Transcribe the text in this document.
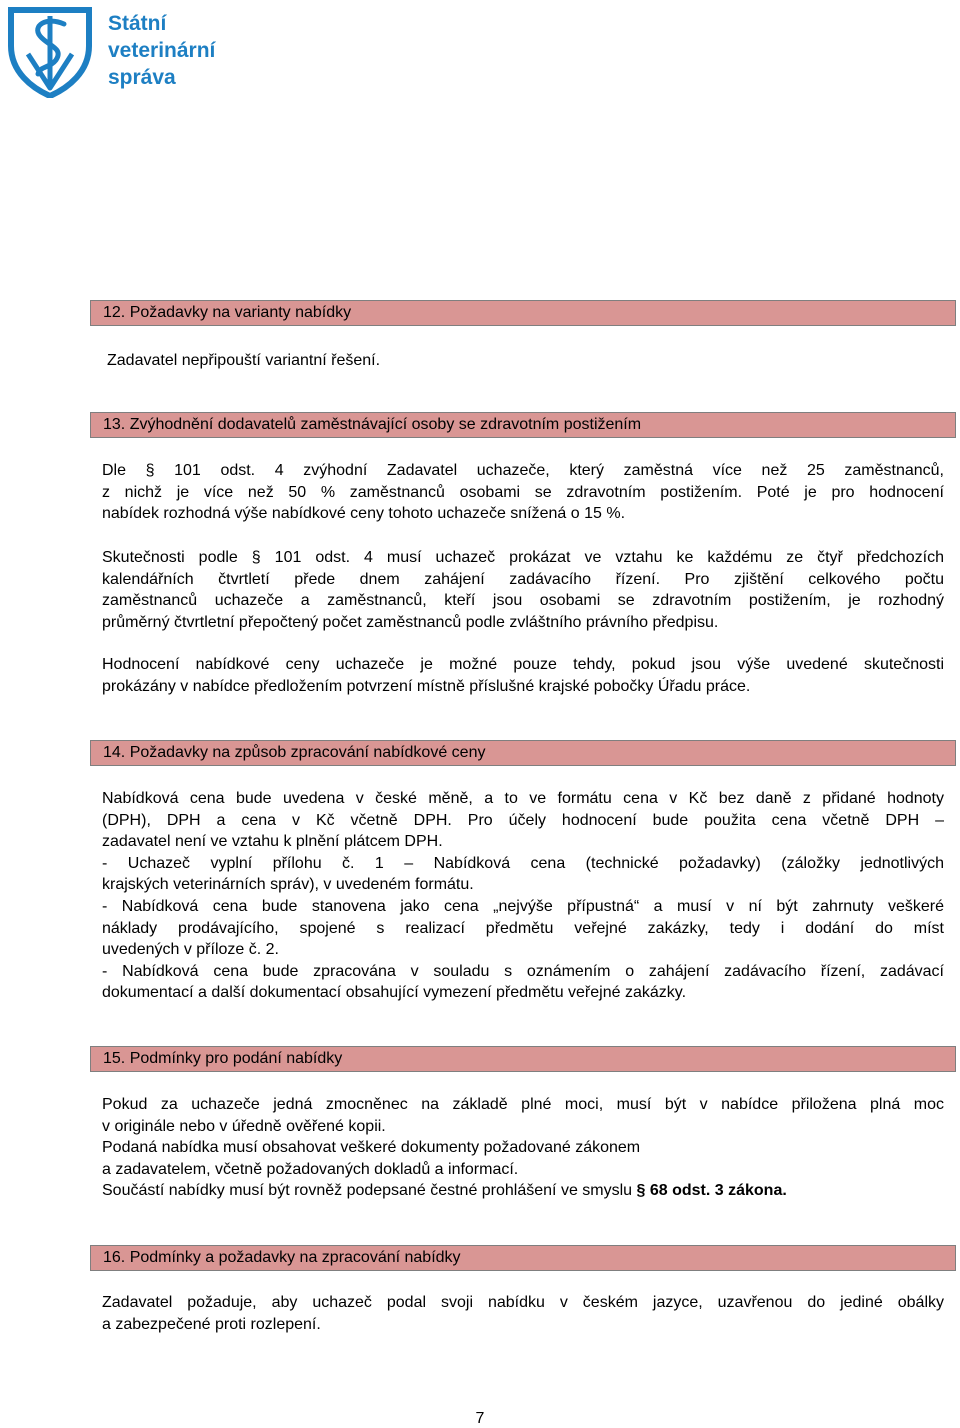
Státní
veterinární
správa
12. Požadavky na varianty nabídky
Zadavatel nepřipouští variantní řešení.
13. Zvýhodnění dodavatelů zaměstnávající osoby se zdravotním postižením
Dle § 101 odst. 4 zvýhodní Zadavatel uchazeče, který zaměstná více než 25 zaměstnanců,
z nichž je více než 50 % zaměstnanců osobami se zdravotním postižením. Poté je pro hodnocení
nabídek rozhodná výše nabídkové ceny tohoto uchazeče snížená o 15 %.
Skutečnosti podle § 101 odst. 4 musí uchazeč prokázat ve vztahu ke každému ze čtyř předchozích
kalendářních čtvrtletí přede dnem zahájení zadávacího řízení. Pro zjištění celkového počtu
zaměstnanců uchazeče a zaměstnanců, kteří jsou osobami se zdravotním postižením, je rozhodný
průměrný čtvrtletní přepočtený počet zaměstnanců podle zvláštního právního předpisu.
Hodnocení nabídkové ceny uchazeče je možné pouze tehdy, pokud jsou výše uvedené skutečnosti
prokázány v nabídce předložením potvrzení místně příslušné krajské pobočky Úřadu práce.
14. Požadavky na způsob zpracování nabídkové ceny
Nabídková cena bude uvedena v české měně, a to ve formátu cena v Kč bez daně z přidané hodnoty
(DPH), DPH a cena v Kč včetně DPH. Pro účely hodnocení bude použita cena včetně DPH –
zadavatel není ve vztahu k plnění plátcem DPH.
- Uchazeč vyplní přílohu č. 1 – Nabídková cena (technické požadavky) (záložky jednotlivých
krajských veterinárních správ), v uvedeném formátu.
- Nabídková cena bude stanovena jako cena „nejvýše přípustná“ a musí v ní být zahrnuty veškeré
náklady prodávajícího, spojené s realizací předmětu veřejné zakázky, tedy i dodání do míst
uvedených v příloze č. 2.
- Nabídková cena bude zpracována v souladu s oznámením o zahájení zadávacího řízení, zadávací
dokumentací a další dokumentací obsahující vymezení předmětu veřejné zakázky.
15. Podmínky pro podání nabídky
Pokud za uchazeče jedná zmocněnec na základě plné moci, musí být v nabídce přiložena plná moc
v originále nebo v úředně ověřené kopii.
Podaná nabídka musí obsahovat veškeré dokumenty požadované zákonem
a zadavatelem, včetně požadovaných dokladů a informací.
Součástí nabídky musí být rovněž podepsané čestné prohlášení ve smyslu § 68 odst. 3 zákona.
16. Podmínky a požadavky na zpracování nabídky
Zadavatel požaduje, aby uchazeč podal svoji nabídku v českém jazyce, uzavřenou do jediné obálky
a zabezpečené proti rozlepení.
7
